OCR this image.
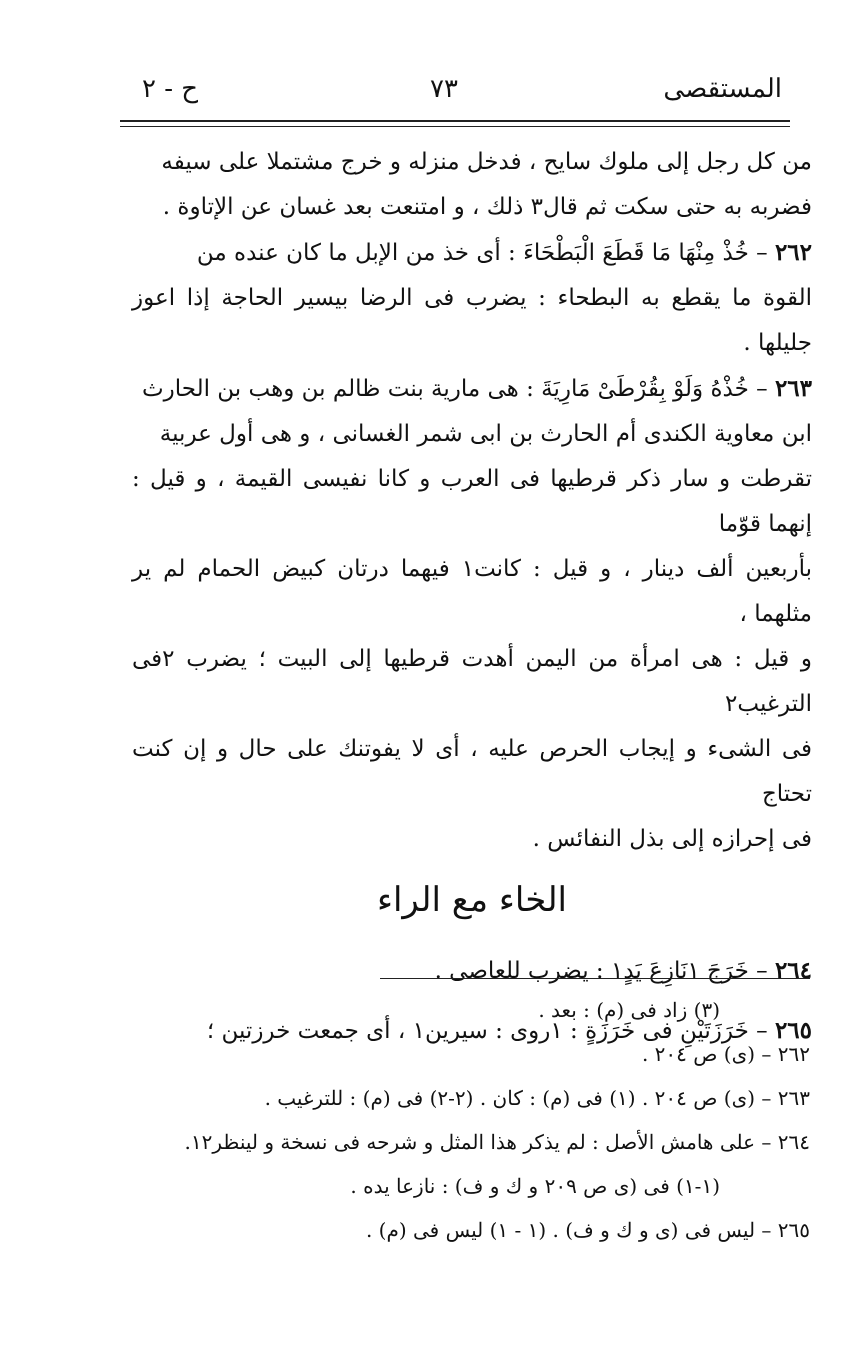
المستقصى
٧٣
ح - ٢

من كل رجل إلى ملوك سايح ، فدخل منزله و خرج مشتملا على سيفه

فضربه به حتى سكت ثم قال٣ ذلك ، و امتنعت بعد غسان عن الإتاوة .

٢٦٢ – خُذْ مِنْهَا مَا قَطَعَ الْبَطْحَاءَ : أى خذ من الإبل ما كان عنده من

القوة ما يقطع به البطحاء : يضرب فى الرضا بيسير الحاجة إذا اعوز جليلها .

٢٦٣ – خُذْهُ وَلَوْ بِقُرْطَىْ مَارِيَةَ : هى مارية بنت ظالم بن وهب بن الحارث

ابن معاوية الكندى أم الحارث بن ابى شمر الغسانى ، و هى أول عربية

تقرطت و سار ذكر قرطيها فى العرب و كانا نفيسى القيمة ، و قيل : إنهما قوّما

بأربعين ألف دينار ، و قيل : كانت١ فيهما درتان كبيض الحمام لم ير مثلهما ،

و قيل : هى امرأة من اليمن أهدت قرطيها إلى البيت ؛ يضرب ٢فى الترغيب٢

فى الشىء و إيجاب الحرص عليه ، أى لا يفوتنك على حال و إن كنت تحتاج

فى إحرازه إلى بذل النفائس .

الخاء مع الراء

٢٦٤ – خَرَجَ ١نَازِعَ يَدٍ١ : يضرب للعاصى .

٢٦٥ – خَرَزَتَيْنِ فى خَرَزَةٍ : ١روى : سيرين١ ، أى جمعت خرزتين ؛

(٣) زاد فى (م) : بعد .

٢٦٢ – (ى) ص ٢٠٤ .

٢٦٣ – (ى) ص ٢٠٤ . (١) فى (م) : كان . (٢-٢) فى (م) : للترغيب .

٢٦٤ – على هامش الأصل : لم يذكر هذا المثل و شرحه فى نسخة و لينظر١٢.

(١-١) فى (ى ص ٢٠٩ و ك و ف) : نازعا يده .

٢٦٥ – ليس فى (ى و ك و ف) . (١ - ١) ليس فى (م) .
